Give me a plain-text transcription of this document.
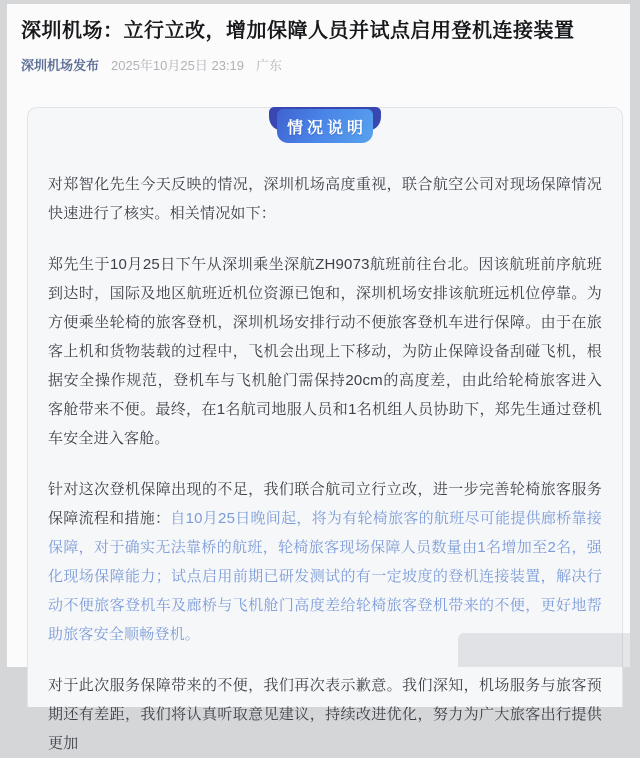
深圳机场：立行立改，增加保障人员并试点启用登机连接装置
深圳机场发布 2025年10月25日 23:19 广东
情况说明

对郑智化先生今天反映的情况，深圳机场高度重视，联合航空公司对现场保障情况快速进行了核实。相关情况如下：

郑先生于10月25日下午从深圳乘坐深航ZH9073航班前往台北。因该航班前序航班到达时，国际及地区航班近机位资源已饱和，深圳机场安排该航班远机位停靠。为方便乘坐轮椅的旅客登机，深圳机场安排行动不便旅客登机车进行保障。由于在旅客上机和货物装载的过程中，飞机会出现上下移动，为防止保障设备刮碰飞机，根据安全操作规范，登机车与飞机舱门需保持20cm的高度差，由此给轮椅旅客进入客舱带来不便。最终，在1名航司地服人员和1名机组人员协助下，郑先生通过登机车安全进入客舱。

针对这次登机保障出现的不足，我们联合航司立行立改，进一步完善轮椅旅客服务保障流程和措施：自10月25日晚间起，将为有轮椅旅客的航班尽可能提供廊桥靠接保障，对于确实无法靠桥的航班，轮椅旅客现场保障人员数量由1名增加至2名，强化现场保障能力；试点启用前期已研发测试的有一定坡度的登机连接装置，解决行动不便旅客登机车及廊桥与飞机舱门高度差给轮椅旅客登机带来的不便，更好地帮助旅客安全顺畅登机。

对于此次服务保障带来的不便，我们再次表示歉意。我们深知，机场服务与旅客预期还有差距，我们将认真听取意见建议，持续改进优化，努力为广大旅客出行提供更加
